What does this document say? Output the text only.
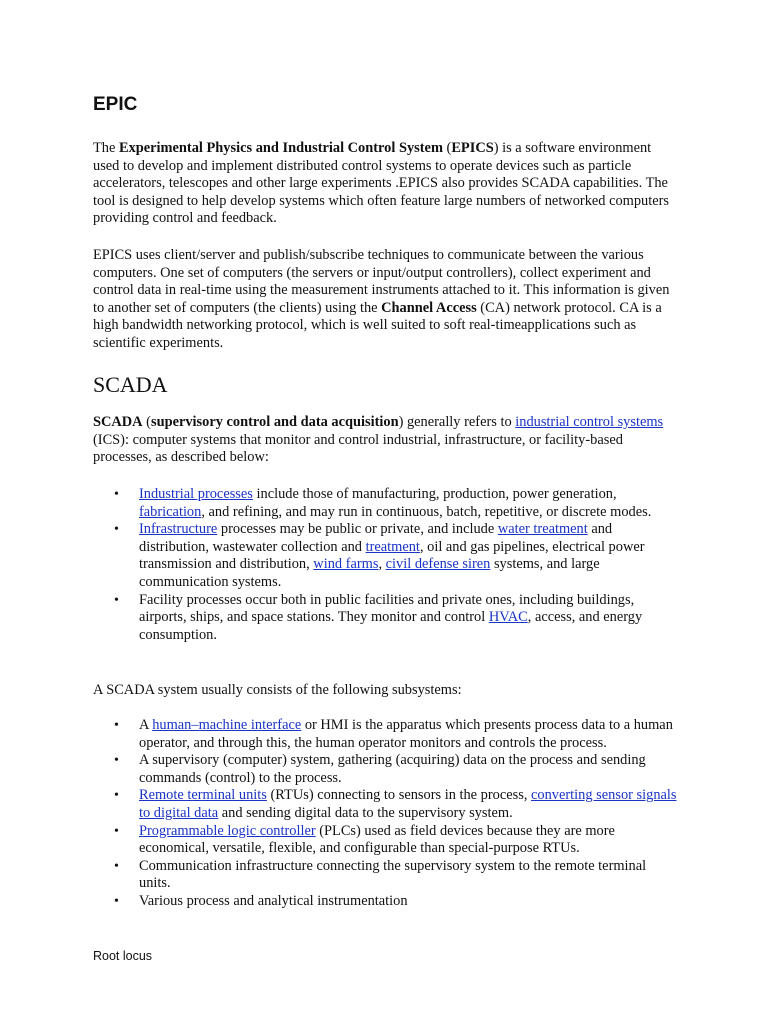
EPIC

The Experimental Physics and Industrial Control System (EPICS) is a software environment used to develop and implement distributed control systems to operate devices such as particle accelerators, telescopes and other large experiments .EPICS also provides SCADA capabilities. The tool is designed to help develop systems which often feature large numbers of networked computers providing control and feedback.

EPICS uses client/server and publish/subscribe techniques to communicate between the various computers. One set of computers (the servers or input/output controllers), collect experiment and control data in real-time using the measurement instruments attached to it. This information is given to another set of computers (the clients) using the Channel Access (CA) network protocol. CA is a high bandwidth networking protocol, which is well suited to soft real-timeapplications such as scientific experiments.

SCADA

SCADA (supervisory control and data acquisition) generally refers to industrial control systems (ICS): computer systems that monitor and control industrial, infrastructure, or facility-based processes, as described below:

• Industrial processes include those of manufacturing, production, power generation, fabrication, and refining, and may run in continuous, batch, repetitive, or discrete modes.
• Infrastructure processes may be public or private, and include water treatment and distribution, wastewater collection and treatment, oil and gas pipelines, electrical power transmission and distribution, wind farms, civil defense siren systems, and large communication systems.
• Facility processes occur both in public facilities and private ones, including buildings, airports, ships, and space stations. They monitor and control HVAC, access, and energy consumption.

A SCADA system usually consists of the following subsystems:

• A human–machine interface or HMI is the apparatus which presents process data to a human operator, and through this, the human operator monitors and controls the process.
• A supervisory (computer) system, gathering (acquiring) data on the process and sending commands (control) to the process.
• Remote terminal units (RTUs) connecting to sensors in the process, converting sensor signals to digital data and sending digital data to the supervisory system.
• Programmable logic controller (PLCs) used as field devices because they are more economical, versatile, flexible, and configurable than special-purpose RTUs.
• Communication infrastructure connecting the supervisory system to the remote terminal units.
• Various process and analytical instrumentation
Root locus
